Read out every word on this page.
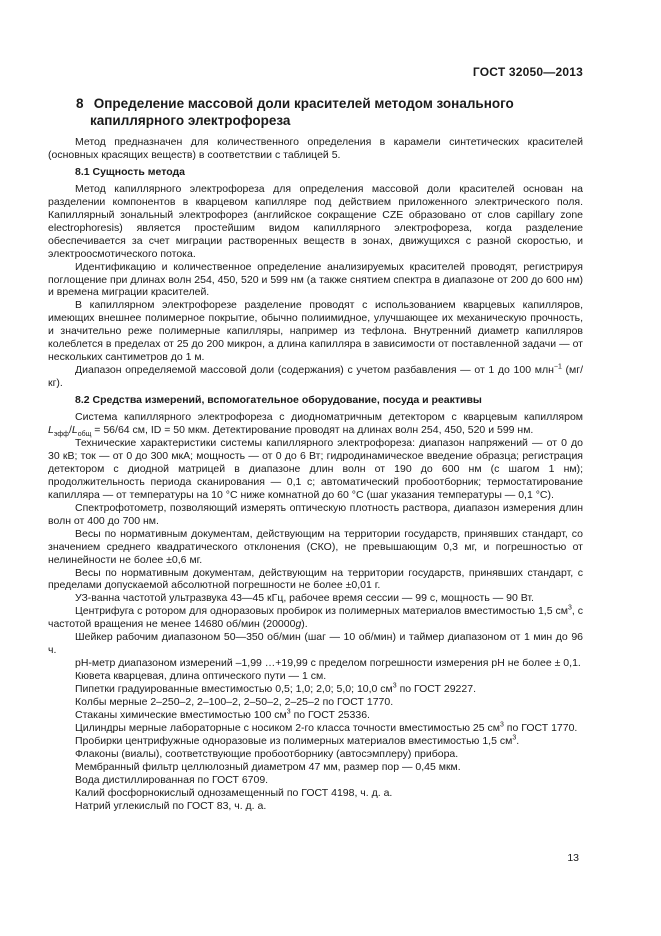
ГОСТ 32050—2013
8 Определение массовой доли красителей методом зонального
капиллярного электрофореза

Метод предназначен для количественного определения в карамели синтетических красителей (основных красящих веществ) в соответствии с таблицей 5.

8.1 Сущность метода

Метод капиллярного электрофореза для определения массовой доли красителей основан на разделении компонентов в кварцевом капилляре под действием приложенного электрического поля. Капиллярный зональный электрофорез (английское сокращение CZE образовано от слов capillary zone electrophoresis) является простейшим видом капиллярного электрофореза, когда разделение обеспечивается за счет миграции растворенных веществ в зонах, движущихся с разной скоростью, и электроосмотического потока.

Идентификацию и количественное определение анализируемых красителей проводят, регистрируя поглощение при длинах волн 254, 450, 520 и 599 нм (а также снятием спектра в диапазоне от 200 до 600 нм) и времена миграции красителей.

В капиллярном электрофорезе разделение проводят с использованием кварцевых капилляров, имеющих внешнее полимерное покрытие, обычно полиимидное, улучшающее их механическую прочность, и значительно реже полимерные капилляры, например из тефлона. Внутренний диаметр капилляров колеблется в пределах от 25 до 200 микрон, а длина капилляра в зависимости от поставленной задачи — от нескольких сантиметров до 1 м.

Диапазон определяемой массовой доли (содержания) с учетом разбавления — от 1 до 100 млн$^{-1}$ (мг/кг).

8.2 Средства измерений, вспомогательное оборудование, посуда и реактивы

Система капиллярного электрофореза с диодноматричным детектором с кварцевым капилляром $L_{эфф}/L_{общ} = 56/64$ см, ID = 50 мкм. Детектирование проводят на длинах волн 254, 450, 520 и 599 нм.

Технические характеристики системы капиллярного электрофореза: диапазон напряжений — от 0 до 30 кВ; ток — от 0 до 300 мкА; мощность — от 0 до 6 Вт; гидродинамическое введение образца; регистрация детектором с диодной матрицей в диапазоне длин волн от 190 до 600 нм (с шагом 1 нм); продолжительность периода сканирования — 0,1 с; автоматический пробоотборник; термостатирование капилляра — от температуры на 10 °С ниже комнатной до 60 °С (шаг указания температуры — 0,1 °С).

Спектрофотометр, позволяющий измерять оптическую плотность раствора, диапазон измерения длин волн от 400 до 700 нм.

Весы по нормативным документам, действующим на территории государств, принявших стандарт, со значением среднего квадратического отклонения (СКО), не превышающим 0,3 мг, и погрешностью от нелинейности не более ±0,6 мг.

Весы по нормативным документам, действующим на территории государств, принявших стандарт, с пределами допускаемой абсолютной погрешности не более ±0,01 г.

УЗ-ванна частотой ультразвука 43—45 кГц, рабочее время сессии — 99 с, мощность — 90 Вт.

Центрифуга с ротором для одноразовых пробирок из полимерных материалов вместимостью 1,5 $см^3$, с частотой вращения не менее 14680 об/мин (20000g).

Шейкер рабочим диапазоном 50—350 об/мин (шаг — 10 об/мин) и таймер диапазоном от 1 мин до 96 ч.

pH-метр диапазоном измерений –1,99 …+19,99 с пределом погрешности измерения pH не более ± 0,1.

Кювета кварцевая, длина оптического пути — 1 см.

Пипетки градуированные вместимостью 0,5; 1,0; 2,0; 5,0; 10,0 $см^3$ по ГОСТ 29227.

Колбы мерные 2–250–2, 2–100–2, 2–50–2, 2–25–2 по ГОСТ 1770.

Стаканы химические вместимостью 100 $см^3$ по ГОСТ 25336.

Цилиндры мерные лабораторные с носиком 2-го класса точности вместимостью 25 $см^3$ по ГОСТ 1770.

Пробирки центрифужные одноразовые из полимерных материалов вместимостью 1,5 $см^3$.

Флаконы (виалы), соответствующие пробоотборнику (автосэмплеру) прибора.

Мембранный фильтр целлюлозный диаметром 47 мм, размер пор — 0,45 мкм.

Вода дистиллированная по ГОСТ 6709.

Калий фосфорнокислый однозамещенный по ГОСТ 4198, ч. д. а.

Натрий углекислый по ГОСТ 83, ч. д. а.

13
